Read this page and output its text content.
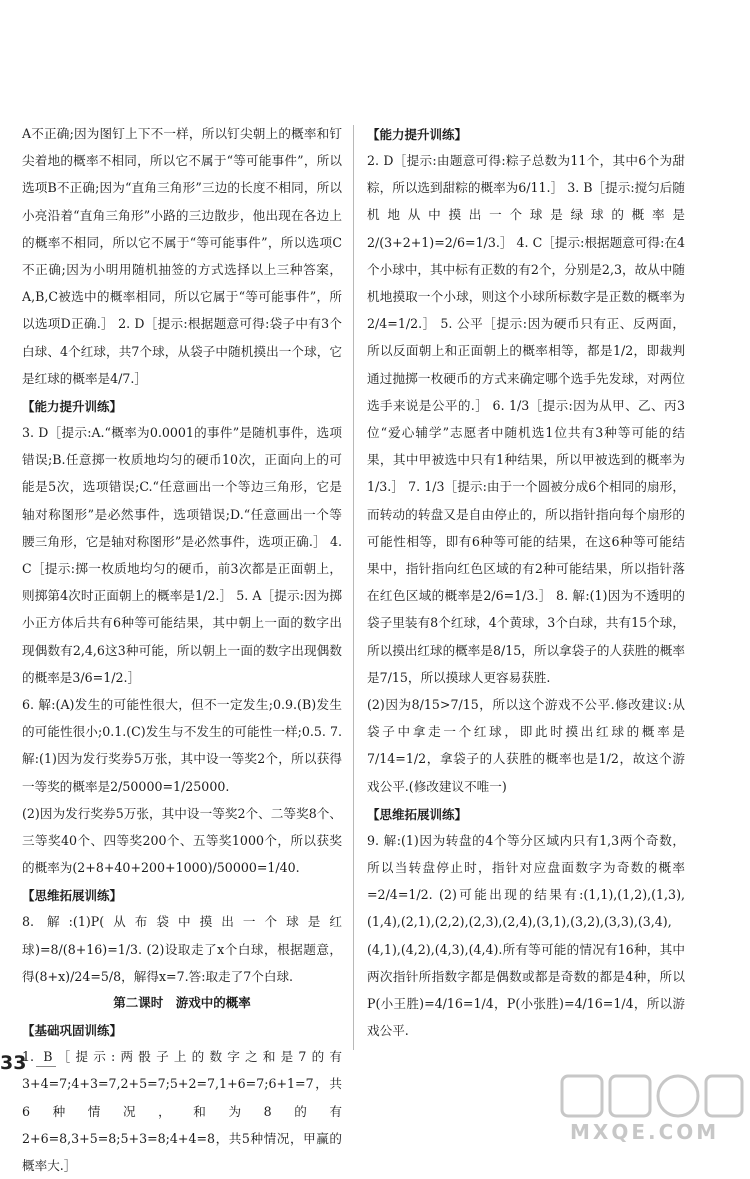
A不正确;因为图钉上下不一样，所以钉尖朝上的概率和钉尖着地的概率不相同，所以它不属于“等可能事件”，所以选项B不正确;因为“直角三角形”三边的长度不相同，所以小亮沿着“直角三角形”小路的三边散步，他出现在各边上的概率不相同，所以它不属于“等可能事件”，所以选项C不正确;因为小明用随机抽签的方式选择以上三种答案，A,B,C被选中的概率相同，所以它属于“等可能事件”，所以选项D正确.］ 2. D［提示:根据题意可得:袋子中有3个白球、4个红球，共7个球，从袋子中随机摸出一个球，它是红球的概率是4/7.］

【能力提升训练】

3. D［提示:A.“概率为0.0001的事件”是随机事件，选项错误;B.任意掷一枚质地均匀的硬币10次，正面向上的可能是5次，选项错误;C.“任意画出一个等边三角形，它是轴对称图形”是必然事件，选项错误;D.“任意画出一个等腰三角形，它是轴对称图形”是必然事件，选项正确.］ 4. C［提示:掷一枚质地均匀的硬币，前3次都是正面朝上，则掷第4次时正面朝上的概率是1/2.］ 5. A［提示:因为掷小正方体后共有6种等可能结果，其中朝上一面的数字出现偶数有2,4,6这3种可能，所以朝上一面的数字出现偶数的概率是3/6=1/2.］

6. 解:(A)发生的可能性很大，但不一定发生;0.9.(B)发生的可能性很小;0.1.(C)发生与不发生的可能性一样;0.5. 7. 解:(1)因为发行奖券5万张，其中设一等奖2个，所以获得一等奖的概率是2/50000=1/25000.

(2)因为发行奖券5万张，其中设一等奖2个、二等奖8个、三等奖40个、四等奖200个、五等奖1000个，所以获奖的概率为(2+8+40+200+1000)/50000=1/40.

【思维拓展训练】

8. 解:(1)P(从布袋中摸出一个球是红球)=8/(8+16)=1/3. (2)设取走了x个白球，根据题意，得(8+x)/24=5/8，解得x=7.答:取走了7个白球.

第二课时　游戏中的概率
【基础巩固训练】

1. B［提示:两骰子上的数字之和是7的有3+4=7;4+3=7,2+5=7;5+2=7,1+6=7;6+1=7，共6种情况，和为8的有2+6=8,3+5=8;5+3=8;4+4=8，共5种情况，甲赢的概率大.］

【能力提升训练】

2. D［提示:由题意可得:粽子总数为11个，其中6个为甜粽，所以选到甜粽的概率为6/11.］ 3. B［提示:搅匀后随机地从中摸出一个球是绿球的概率是2/(3+2+1)=2/6=1/3.］ 4. C［提示:根据题意可得:在4个小球中，其中标有正数的有2个，分别是2,3，故从中随机地摸取一个小球，则这个小球所标数字是正数的概率为2/4=1/2.］ 5. 公平［提示:因为硬币只有正、反两面，所以反面朝上和正面朝上的概率相等，都是1/2，即裁判通过抛掷一枚硬币的方式来确定哪个选手先发球，对两位选手来说是公平的.］ 6. 1/3［提示:因为从甲、乙、丙3位“爱心辅学”志愿者中随机选1位共有3种等可能的结果，其中甲被选中只有1种结果，所以甲被选到的概率为1/3.］ 7. 1/3［提示:由于一个圆被分成6个相同的扇形，而转动的转盘又是自由停止的，所以指针指向每个扇形的可能性相等，即有6种等可能的结果，在这6种等可能结果中，指针指向红色区域的有2种可能结果，所以指针落在红色区域的概率是2/6=1/3.］ 8. 解:(1)因为不透明的袋子里装有8个红球，4个黄球，3个白球，共有15个球，所以摸出红球的概率是8/15，所以拿袋子的人获胜的概率是7/15，所以摸球人更容易获胜.

(2)因为8/15>7/15，所以这个游戏不公平.修改建议:从袋子中拿走一个红球，即此时摸出红球的概率是7/14=1/2，拿袋子的人获胜的概率也是1/2，故这个游戏公平.(修改建议不唯一)

【思维拓展训练】

9. 解:(1)因为转盘的4个等分区域内只有1,3两个奇数，所以当转盘停止时，指针对应盘面数字为奇数的概率=2/4=1/2. (2)可能出现的结果有:(1,1),(1,2),(1,3),(1,4),(2,1),(2,2),(2,3),(2,4),(3,1),(3,2),(3,3),(3,4),(4,1),(4,2),(4,3),(4,4).所有等可能的情况有16种，其中两次指针所指数字都是偶数或都是奇数的都是4种，所以P(小王胜)=4/16=1/4，P(小张胜)=4/16=1/4，所以游戏公平.

33
MXQE.COM
